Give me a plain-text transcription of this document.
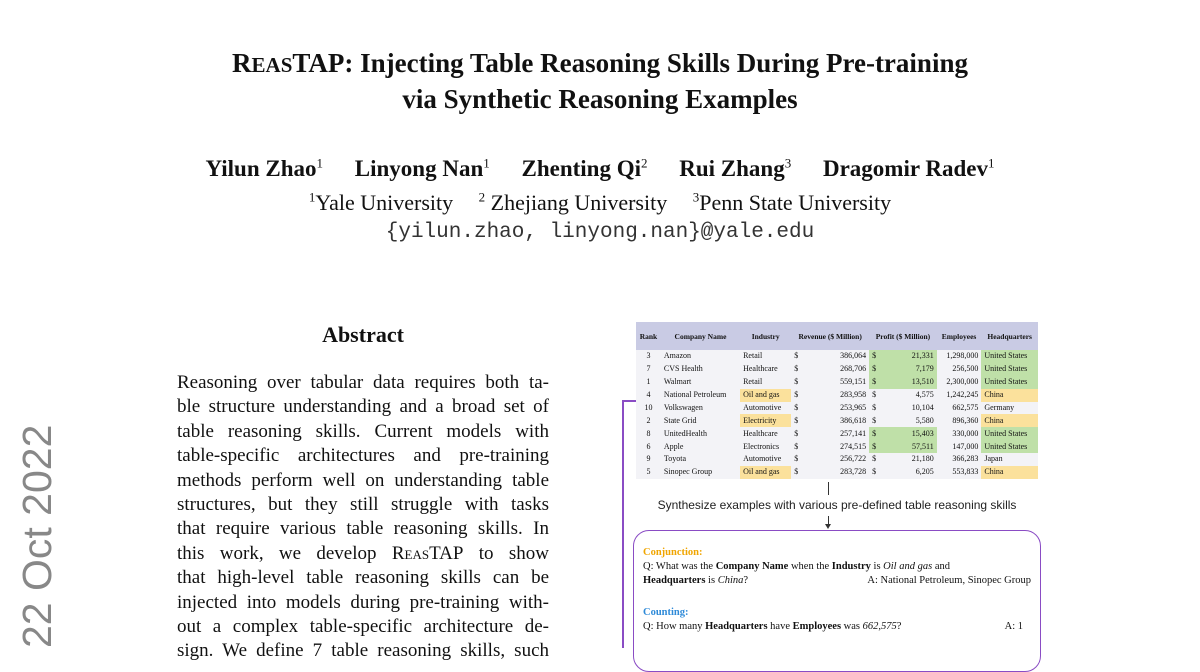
REASTAP: Injecting Table Reasoning Skills During Pre-training
via Synthetic Reasoning Examples
Yilun Zhao$^1$ Linyong Nan$^1$ Zhenting Qi$^2$ Rui Zhang$^3$ Dragomir Radev$^1$
$^1$Yale University $^2$ Zhejiang University $^3$Penn State University
{yilun.zhao, linyong.nan}@yale.edu
22 Oct 2022
Abstract
Reasoning over tabular data requires both ta-
ble structure understanding and a broad set of
table reasoning skills. Current models with
table-specific architectures and pre-training
methods perform well on understanding table
structures, but they still struggle with tasks
that require various table reasoning skills. In
this work, we develop ReasTAP to show
that high-level table reasoning skills can be
injected into models during pre-training with-
out a complex table-specific architecture de-
sign. We define 7 table reasoning skills, such
Rank	Company Name	Industry	Revenue ($ Million)		Profit ($ Million)		Employees	Headquarters
3	Amazon	Retail	$	386,064	$	21,331	1,298,000	United States
7	CVS Health	Healthcare	$	268,706	$	7,179	256,500	United States
1	Walmart	Retail	$	559,151	$	13,510	2,300,000	United States
4	National Petroleum	Oil and gas	$	283,958	$	4,575	1,242,245	China
10	Volkswagen	Automotive	$	253,965	$	10,104	662,575	Germany
2	State Grid	Electricity	$	386,618	$	5,580	896,360	China
8	UnitedHealth	Healthcare	$	257,141	$	15,403	330,000	United States
6	Apple	Electronics	$	274,515	$	57,511	147,000	United States
9	Toyota	Automotive	$	256,722	$	21,180	366,283	Japan
5	Sinopec Group	Oil and gas	$	283,728	$	6,205	553,833	China
Synthesize examples with various pre-defined table reasoning skills
Conjunction:
Q: What was the Company Name when the Industry is Oil and gas and
Headquarters is China?	A: National Petroleum, Sinopec Group
Counting:
Q: How many Headquarters have Employees was 662,575?	A: 1
